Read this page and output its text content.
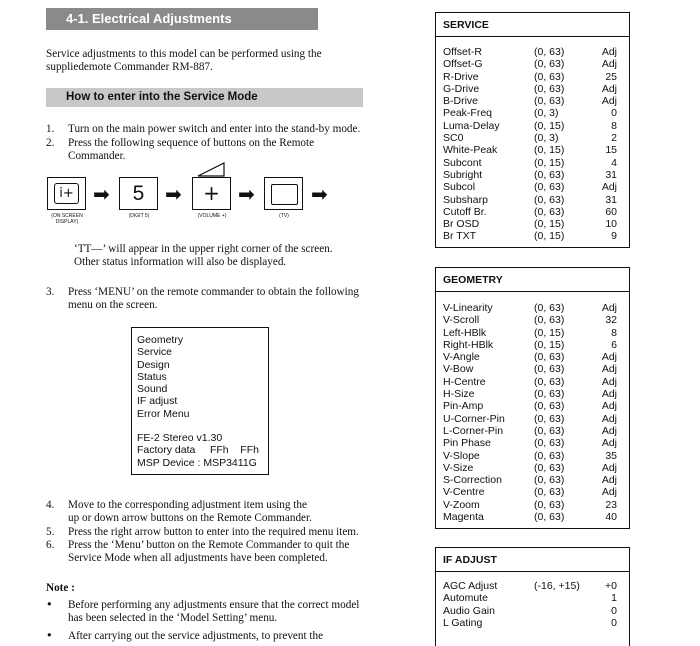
4-1. Electrical Adjustments
Service adjustments to this model can be performed using the
suppliedemote Commander RM-887.
How to enter into the Service Mode
1. Turn on the main power switch and enter into the stand-by mode.
2. Press the following sequence of buttons on the Remote
Commander.
i+ ➡	5	➡	+ ➡	➡
(ON SCREEN DISPLAY)
(DIGIT 5)	(VOLUME +)	(TV)
‘TT—’ will appear in the upper right corner of the screen.
Other status information will also be displayed.
3. Press ‘MENU’ on the remote commander to obtain the following
menu on the screen.
Geometry
Service
Design
Status
Sound
IF adjust
Error Menu
FE-2 Stereo v1.30
Factory data     FFh    FFh
MSP Device : MSP3411G
4. Move to the corresponding adjustment item using the
up or down arrow buttons on the Remote Commander.
5. Press the right arrow button to enter into the required menu item.
6. Press the ‘Menu’ button on the Remote Commander to quit the
Service Mode when all adjustments have been completed.
Note :
• Before performing any adjustments ensure that the correct model
has been selected in the ‘Model Setting’ menu.
• After carrying out the service adjustments, to prevent the
SERVICE
Offset-R	(0, 63)	Adj
Offset-G	(0, 63)	Adj
R-Drive	(0, 63)	25
G-Drive	(0, 63)	Adj
B-Drive	(0, 63)	Adj
Peak-Freq	(0, 3)	0
Luma-Delay	(0, 15)	8
SC0	(0, 3)	2
White-Peak	(0, 15)	15
Subcont	(0, 15)	4
Subright	(0, 63)	31
Subcol	(0, 63)	Adj
Subsharp	(0, 63)	31
Cutoff Br.	(0, 63)	60
Br OSD	(0, 15)	10
Br TXT	(0, 15)	9
GEOMETRY
V-Linearity	(0, 63)	Adj
V-Scroll	(0, 63)	32
Left-HBlk	(0, 15)	8
Right-HBlk	(0, 15)	6
V-Angle	(0, 63)	Adj
V-Bow	(0, 63)	Adj
H-Centre	(0, 63)	Adj
H-Size	(0, 63)	Adj
Pin-Amp	(0, 63)	Adj
U-Corner-Pin	(0, 63)	Adj
L-Corner-Pin	(0, 63)	Adj
Pin Phase	(0, 63)	Adj
V-Slope	(0, 63)	35
V-Size	(0, 63)	Adj
S-Correction	(0, 63)	Adj
V-Centre	(0, 63)	Adj
V-Zoom	(0, 63)	23
Magenta	(0, 63)	40
IF ADJUST
AGC Adjust	(-16, +15) +0
Automute	1
Audio Gain	0
L Gating	0
